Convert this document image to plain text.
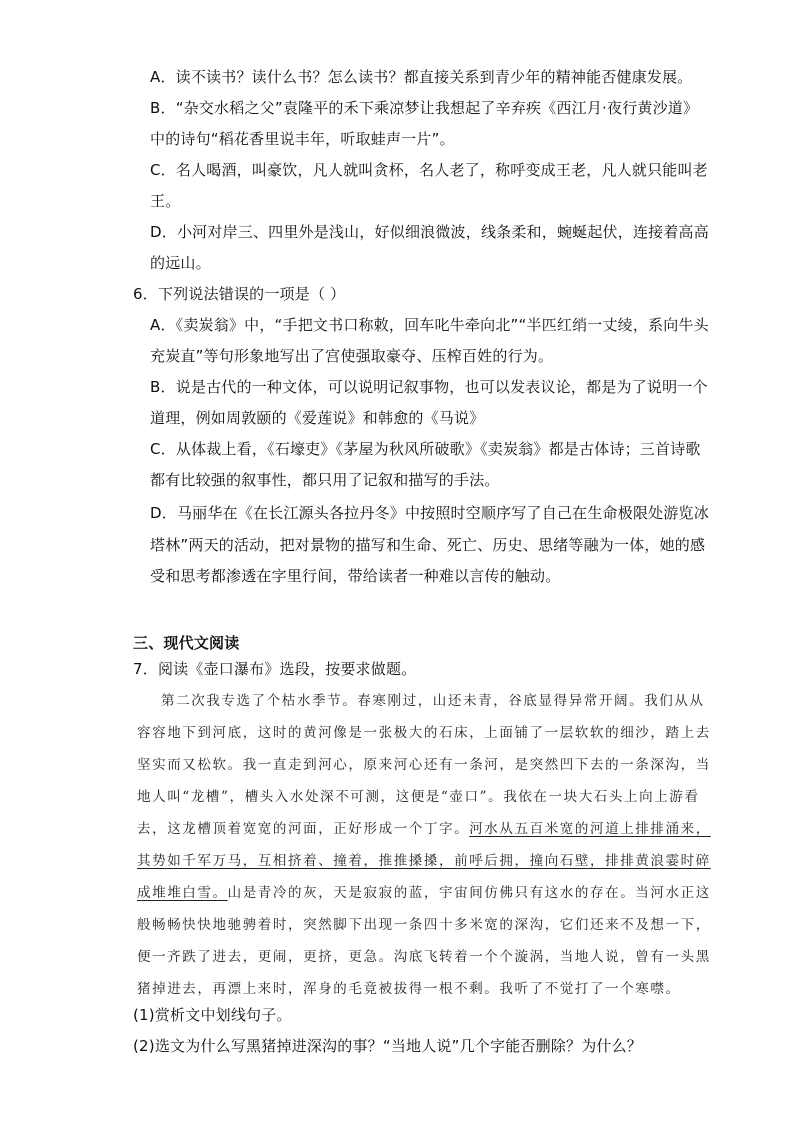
A．读不读书？读什么书？怎么读书？都直接关系到青少年的精神能否健康发展。
B．“杂交水稻之父”袁隆平的禾下乘凉梦让我想起了辛弃疾《西江月·夜行黄沙道》
中的诗句“稻花香里说丰年，听取蛙声一片”。
C．名人喝酒，叫豪饮，凡人就叫贪杯，名人老了，称呼变成王老，凡人就只能叫老
王。
D．小河对岸三、四里外是浅山，好似细浪微波，线条柔和，蜿蜒起伏，连接着高高
的远山。
6．下列说法错误的一项是（ ）
A．《卖炭翁》中，“手把文书口称敕，回车叱牛牵向北”“半匹红绡一丈绫，系向牛头
充炭直”等句形象地写出了宫使强取豪夺、压榨百姓的行为。
B．说是古代的一种文体，可以说明记叙事物，也可以发表议论，都是为了说明一个
道理，例如周敦颐的《爱莲说》和韩愈的《马说》
C．从体裁上看，《石壕吏》《茅屋为秋风所破歌》《卖炭翁》都是古体诗；三首诗歌
都有比较强的叙事性，都只用了记叙和描写的手法。
D．马丽华在《在长江源头各拉丹冬》中按照时空顺序写了自己在生命极限处游览冰
塔林”两天的活动，把对景物的描写和生命、死亡、历史、思绪等融为一体，她的感
受和思考都渗透在字里行间，带给读者一种难以言传的触动。
三、现代文阅读
7．阅读《壶口瀑布》选段，按要求做题。
第二次我专选了个枯水季节。春寒刚过，山还未青，谷底显得异常开阔。我们从从
容容地下到河底，这时的黄河像是一张极大的石床，上面铺了一层软软的细沙，踏上去
坚实而又松软。我一直走到河心，原来河心还有一条河，是突然凹下去的一条深沟，当
地人叫“龙槽”，槽头入水处深不可测，这便是“壶口”。我依在一块大石头上向上游看
去，这龙槽顶着宽宽的河面，正好形成一个丁字。河水从五百米宽的河道上排排涌来，
其势如千军万马，互相挤着、撞着，推推搡搡，前呼后拥，撞向石壁，排排黄浪霎时碎
成堆堆白雪。山是青冷的灰，天是寂寂的蓝，宇宙间仿佛只有这水的存在。当河水正这
般畅畅快快地驰骋着时，突然脚下出现一条四十多米宽的深沟，它们还来不及想一下，
便一齐跌了进去，更闹，更挤，更急。沟底飞转着一个个漩涡，当地人说，曾有一头黑
猪掉进去，再漂上来时，浑身的毛竟被拔得一根不剩。我听了不觉打了一个寒噤。
(1)赏析文中划线句子。
(2)选文为什么写黑猪掉进深沟的事？“当地人说”几个字能否删除？为什么？
